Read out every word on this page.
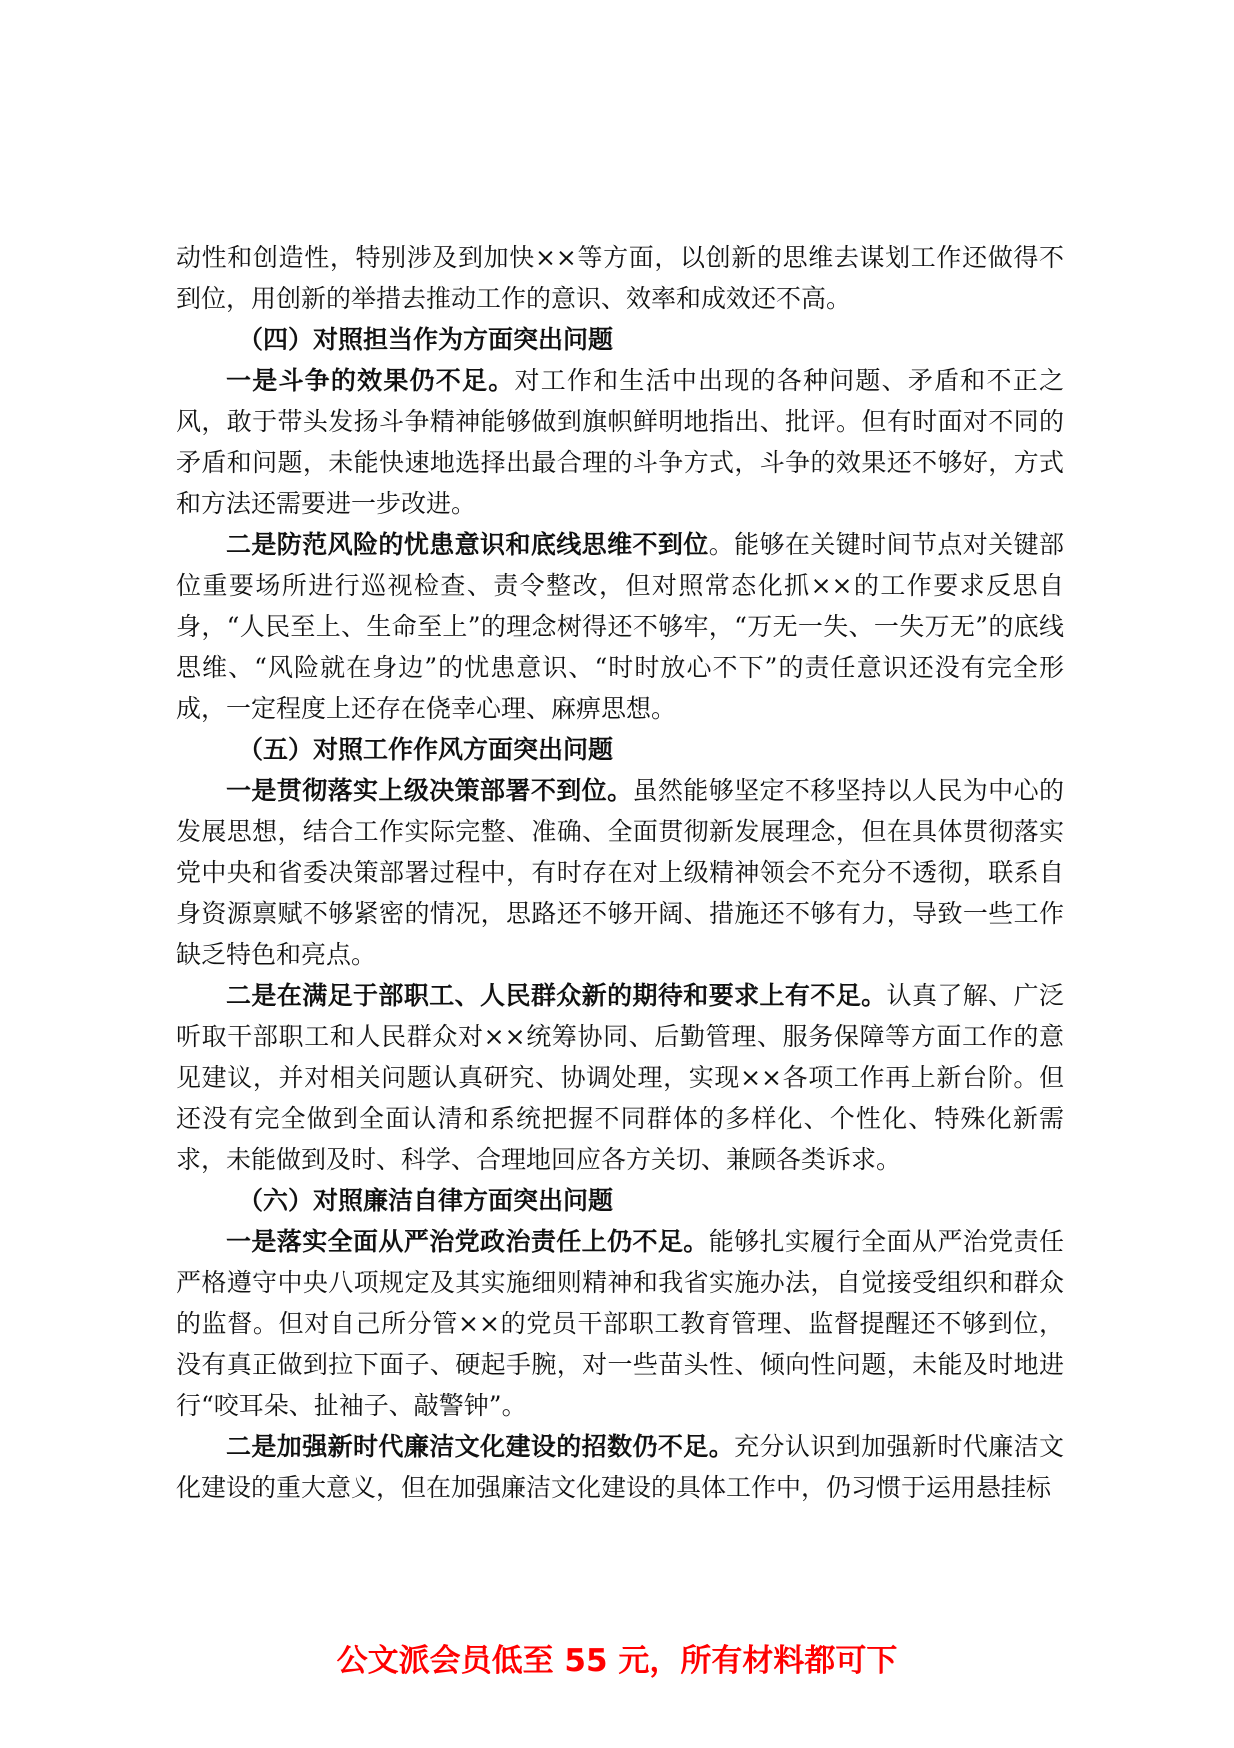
动性和创造性，特别涉及到加快××等方面，以创新的思维去谋划工作还做得不到位，用创新的举措去推动工作的意识、效率和成效还不高。

（四）对照担当作为方面突出问题

一是斗争的效果仍不足。对工作和生活中出现的各种问题、矛盾和不正之风，敢于带头发扬斗争精神能够做到旗帜鲜明地指出、批评。但有时面对不同的矛盾和问题，未能快速地选择出最合理的斗争方式，斗争的效果还不够好，方式和方法还需要进一步改进。

二是防范风险的忧患意识和底线思维不到位。能够在关键时间节点对关键部位重要场所进行巡视检查、责令整改，但对照常态化抓××的工作要求反思自身，“人民至上、生命至上”的理念树得还不够牢，“万无一失、一失万无”的底线思维、“风险就在身边”的忧患意识、“时时放心不下”的责任意识还没有完全形成，一定程度上还存在侥幸心理、麻痹思想。

（五）对照工作作风方面突出问题

一是贯彻落实上级决策部署不到位。虽然能够坚定不移坚持以人民为中心的发展思想，结合工作实际完整、准确、全面贯彻新发展理念，但在具体贯彻落实党中央和省委决策部署过程中，有时存在对上级精神领会不充分不透彻，联系自身资源禀赋不够紧密的情况，思路还不够开阔、措施还不够有力，导致一些工作缺乏特色和亮点。

二是在满足于部职工、人民群众新的期待和要求上有不足。认真了解、广泛听取干部职工和人民群众对××统筹协同、后勤管理、服务保障等方面工作的意见建议，并对相关问题认真研究、协调处理，实现××各项工作再上新台阶。但还没有完全做到全面认清和系统把握不同群体的多样化、个性化、特殊化新需求，未能做到及时、科学、合理地回应各方关切、兼顾各类诉求。

（六）对照廉洁自律方面突出问题

一是落实全面从严治党政治责任上仍不足。能够扎实履行全面从严治党责任严格遵守中央八项规定及其实施细则精神和我省实施办法，自觉接受组织和群众的监督。但对自己所分管××的党员干部职工教育管理、监督提醒还不够到位，没有真正做到拉下面子、硬起手腕，对一些苗头性、倾向性问题，未能及时地进行“咬耳朵、扯袖子、敲警钟”。

二是加强新时代廉洁文化建设的招数仍不足。充分认识到加强新时代廉洁文化建设的重大意义，但在加强廉洁文化建设的具体工作中，仍习惯于运用悬挂标

公文派会员低至 55 元，所有材料都可下
